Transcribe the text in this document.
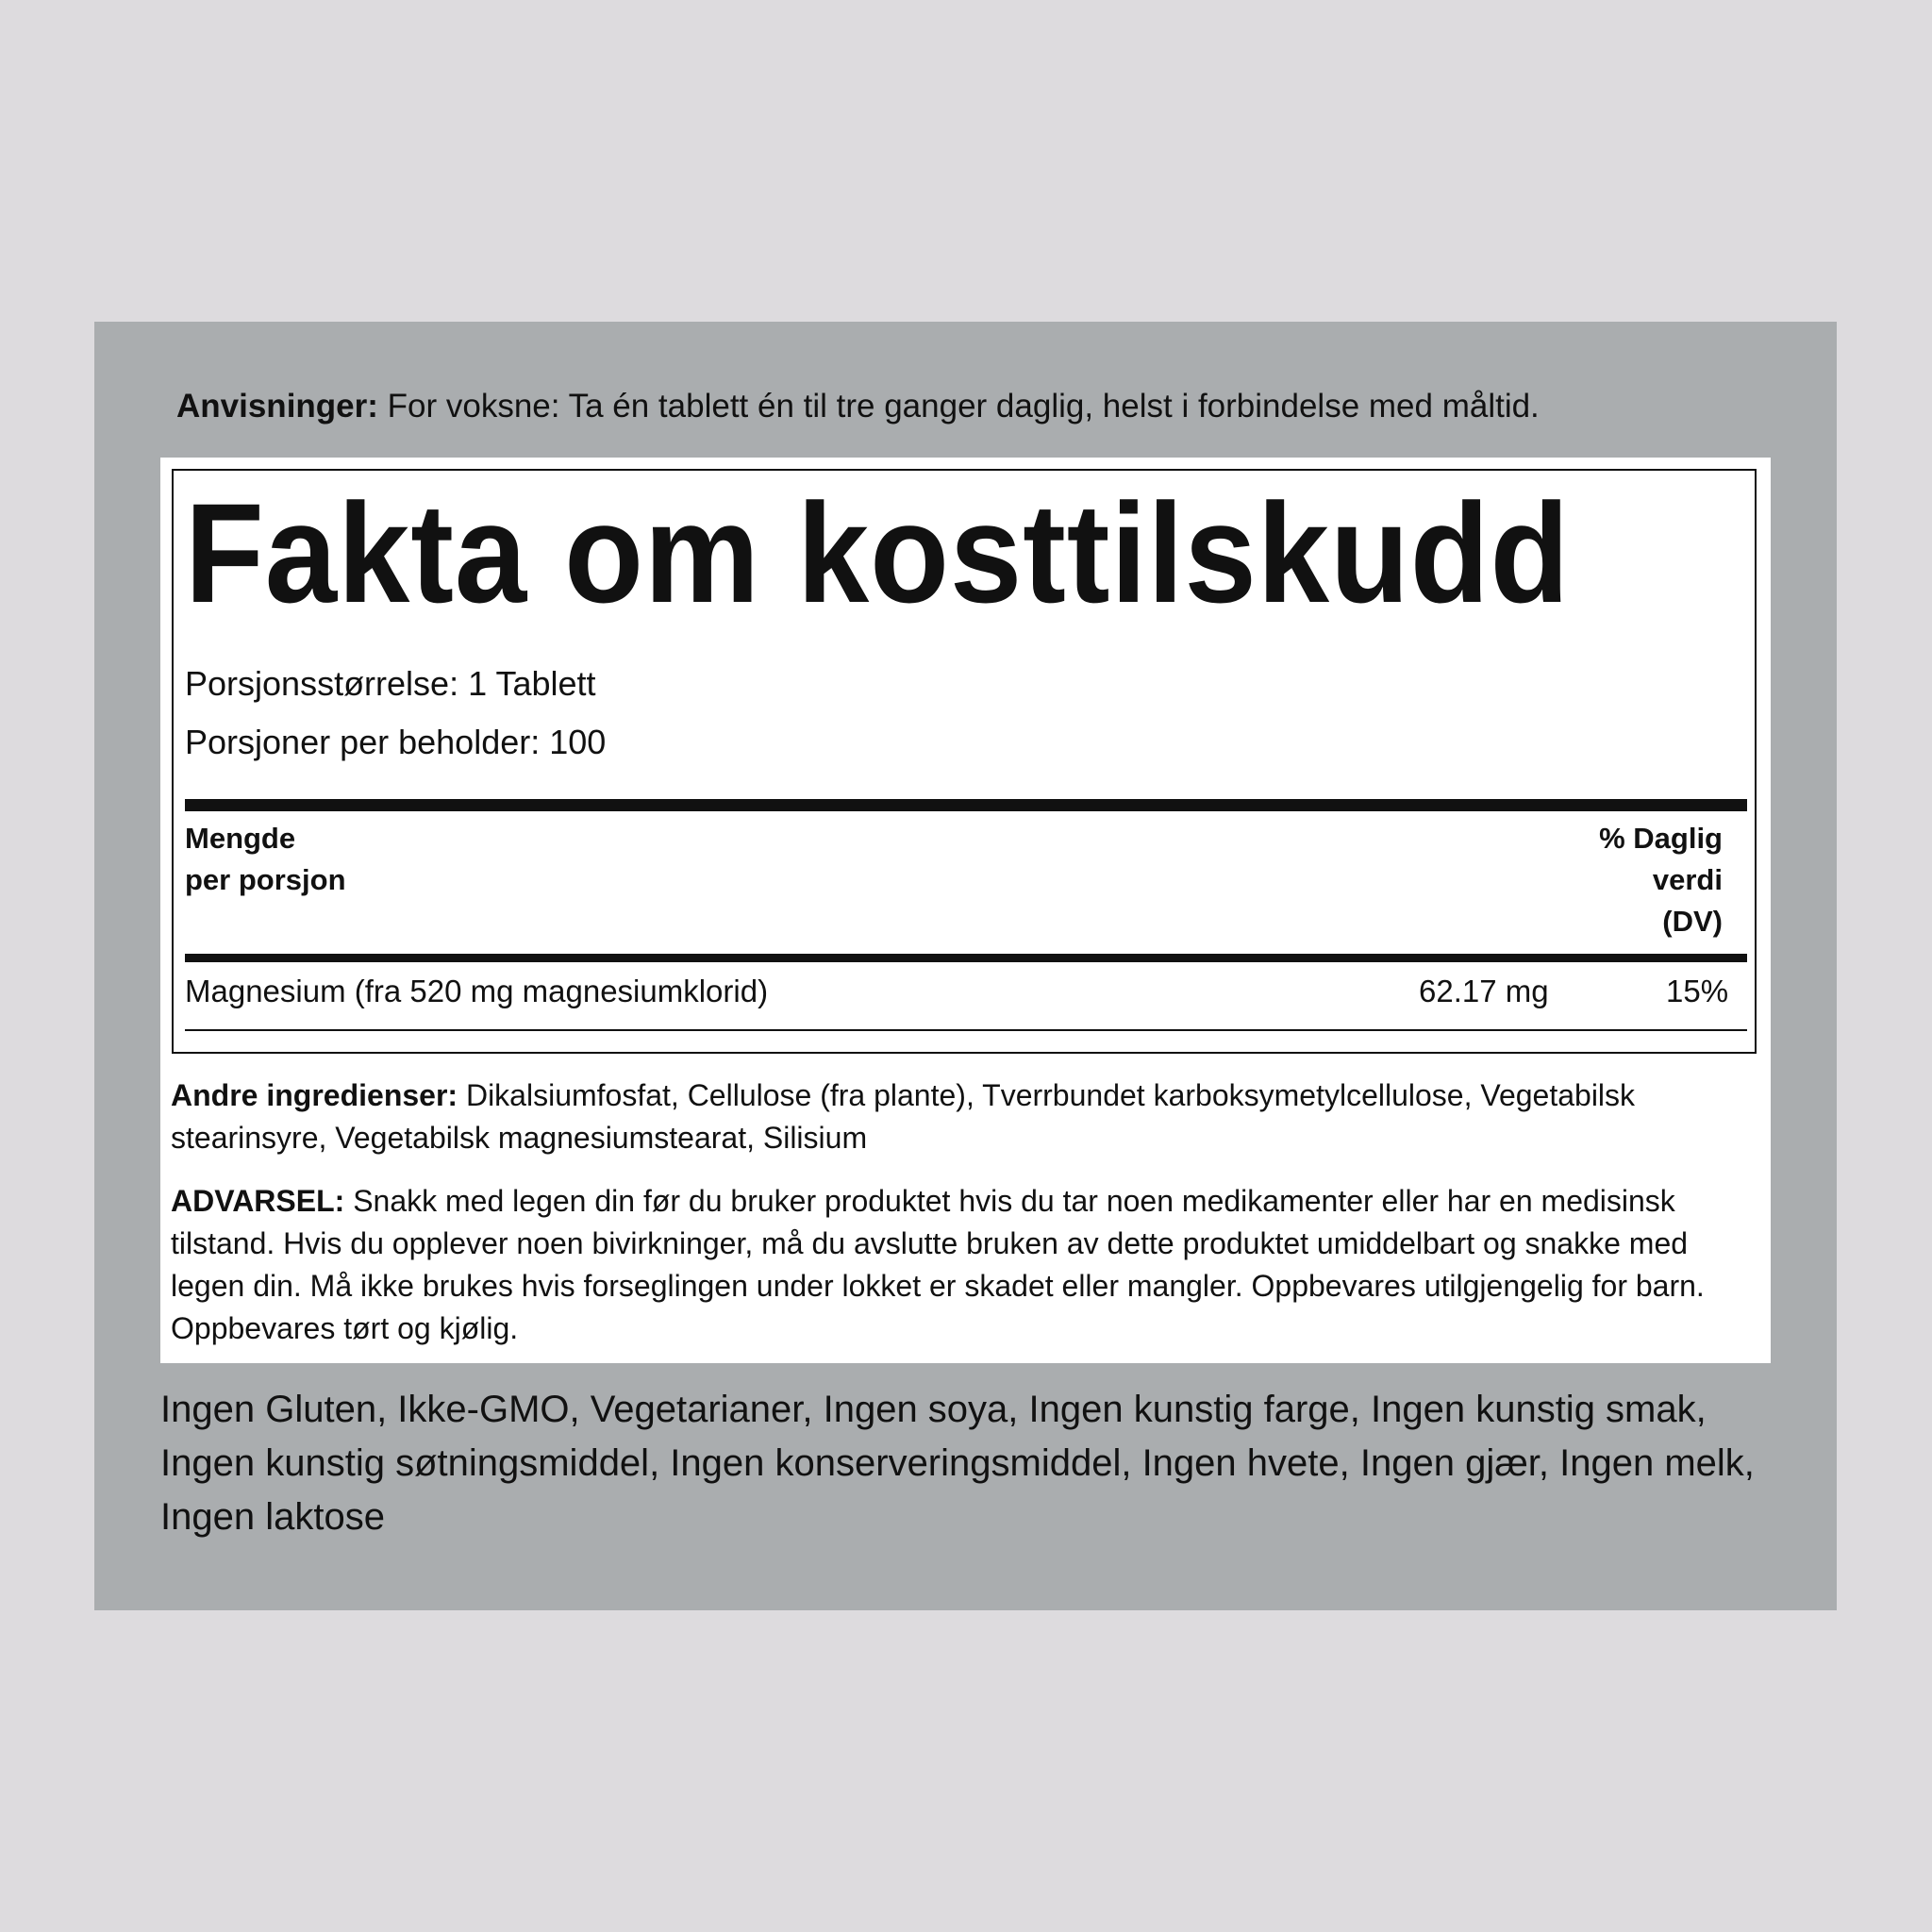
Anvisninger: For voksne: Ta én tablett én til tre ganger daglig, helst i forbindelse med måltid.
Fakta om kosttilskudd
Porsjonsstørrelse: 1 Tablett
Porsjoner per beholder: 100
Mengde
per porsjon
% Daglig
verdi
(DV)
Magnesium (fra 520 mg magnesiumklorid)	62.17 mg	15%
Andre ingredienser: Dikalsiumfosfat, Cellulose (fra plante), Tverrbundet karboksymetylcellulose, Vegetabilsk stearinsyre, Vegetabilsk magnesiumstearat, Silisium
ADVARSEL: Snakk med legen din før du bruker produktet hvis du tar noen medikamenter eller har en medisinsk tilstand. Hvis du opplever noen bivirkninger, må du avslutte bruken av dette produktet umiddelbart og snakke med legen din. Må ikke brukes hvis forseglingen under lokket er skadet eller mangler. Oppbevares utilgjengelig for barn. Oppbevares tørt og kjølig.
Ingen Gluten, Ikke-GMO, Vegetarianer, Ingen soya, Ingen kunstig farge, Ingen kunstig smak, Ingen kunstig søtningsmiddel, Ingen konserveringsmiddel, Ingen hvete, Ingen gjær, Ingen melk, Ingen laktose
